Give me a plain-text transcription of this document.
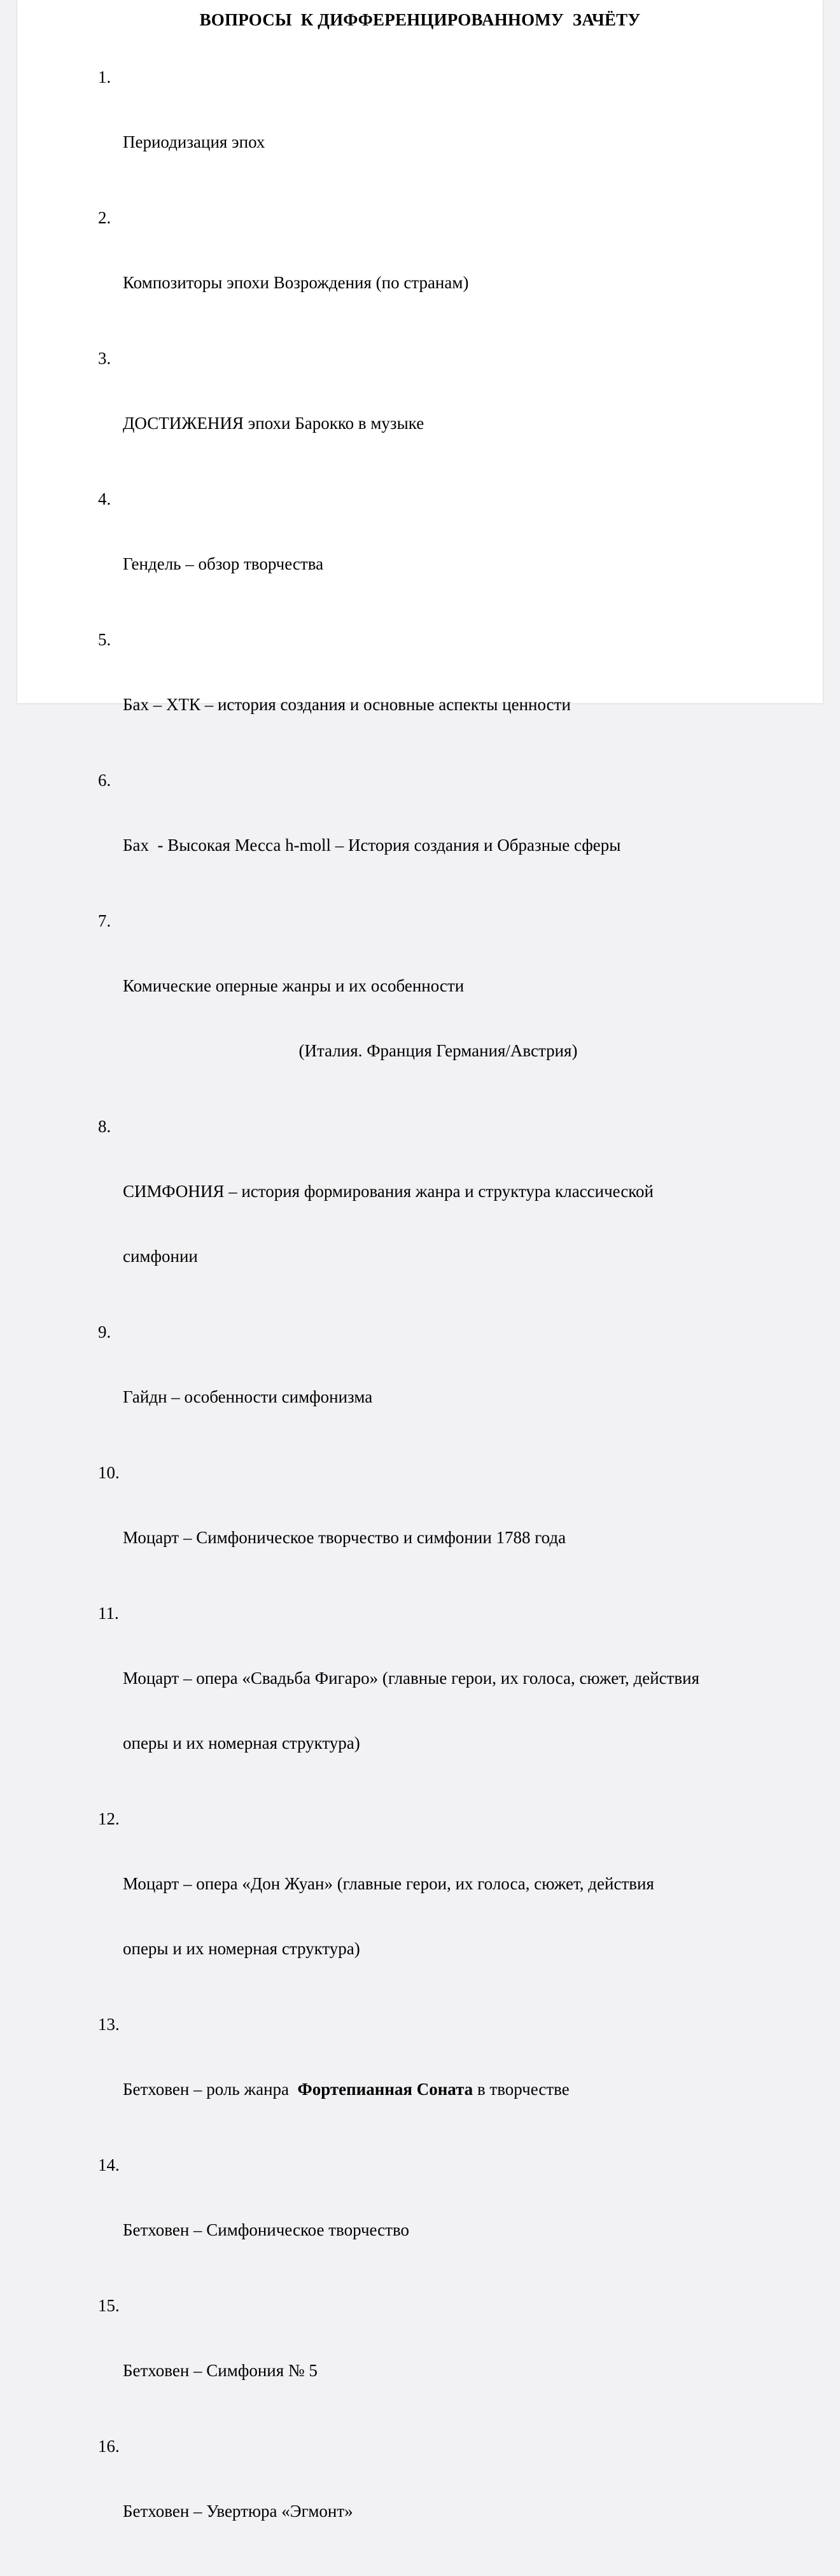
ВОПРОСЫ  К ДИФФЕРЕНЦИРОВАННОМУ  ЗАЧЁТУ

1.

Периодизация эпох

2.

Композиторы эпохи Возрождения (по странам)

3.

ДОСТИЖЕНИЯ эпохи Барокко в музыке

4.

Гендель – обзор творчества

5.

Бах – ХТК – история создания и основные аспекты ценности

6.

Бах  - Высокая Месса h-moll – История создания и Образные сферы

7.

Комические оперные жанры и их особенности

(Италия. Франция Германия/Австрия)

8.

СИМФОНИЯ – история формирования жанра и структура классической

симфонии

9.

Гайдн – особенности симфонизма

10.

Моцарт – Симфоническое творчество и симфонии 1788 года

11.

Моцарт – опера «Свадьба Фигаро» (главные герои, их голоса, сюжет, действия

оперы и их номерная структура)

12.

Моцарт – опера «Дон Жуан» (главные герои, их голоса, сюжет, действия

оперы и их номерная структура)

13.

Бетховен – роль жанра  Фортепианная Соната в творчестве

14.

Бетховен – Симфоническое творчество

15.

Бетховен – Симфония № 5

16.

Бетховен – Увертюра «Эгмонт»
